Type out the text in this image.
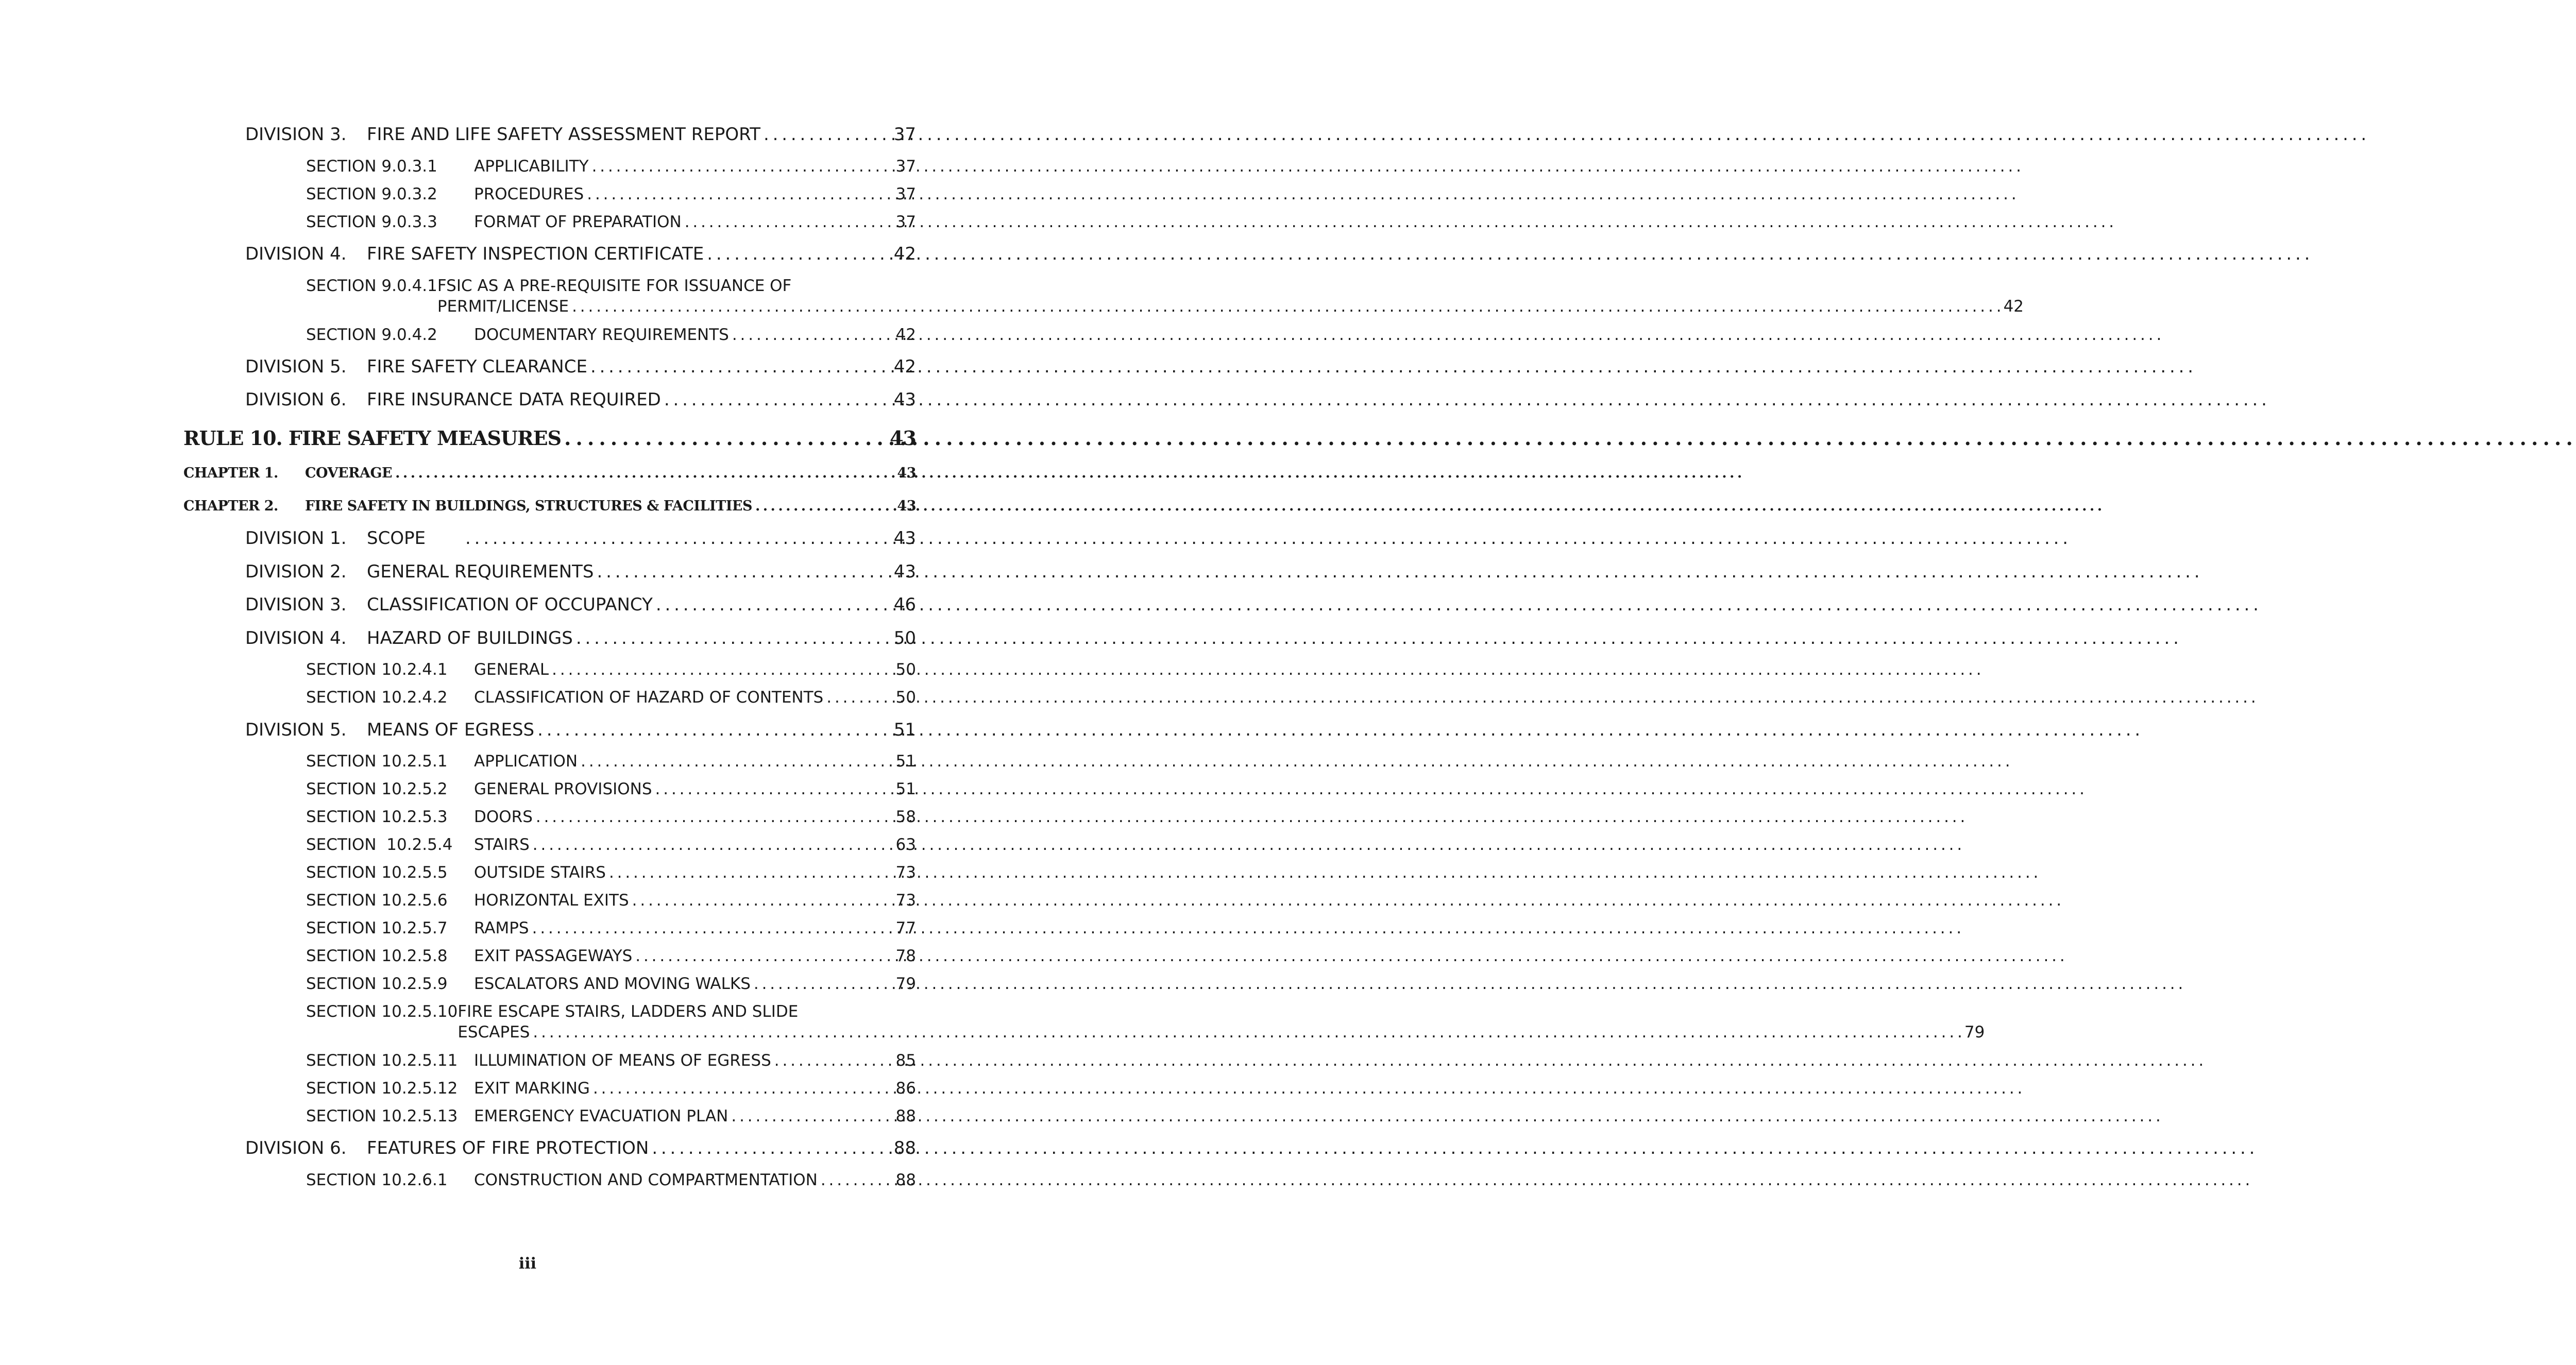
DIVISION 3.	FIRE AND LIFE SAFETY ASSESSMENT REPORT . . .	37
SECTION 9.0.3.1	APPLICABILITY . . .	37
SECTION 9.0.3.2	PROCEDURES . . .	37
SECTION 9.0.3.3	FORMAT OF PREPARATION . . .	37
DIVISION 4.	FIRE SAFETY INSPECTION CERTIFICATE . . .	42
SECTION 9.0.4.1 FSIC AS A PRE-REQUISITE FOR ISSUANCE OF
PERMIT/LICENSE . . .	42
SECTION 9.0.4.2	DOCUMENTARY REQUIREMENTS . . .	42
DIVISION 5.	FIRE SAFETY CLEARANCE . . .	42
DIVISION 6.	FIRE INSURANCE DATA REQUIRED . . .	43
RULE 10. FIRE SAFETY MEASURES . . .	43
CHAPTER 1.	COVERAGE . . .	43
CHAPTER 2.	FIRE SAFETY IN BUILDINGS, STRUCTURES & FACILITIES . . .	43
DIVISION 1.	SCOPE . . .	43
DIVISION 2.	GENERAL REQUIREMENTS . . .	43
DIVISION 3.	CLASSIFICATION OF OCCUPANCY . . .	46
DIVISION 4.	HAZARD OF BUILDINGS . . .	50
SECTION 10.2.4.1	GENERAL . . .	50
SECTION 10.2.4.2	CLASSIFICATION OF HAZARD OF CONTENTS . . .	50
DIVISION 5.	MEANS OF EGRESS . . .	51
SECTION 10.2.5.1	APPLICATION . . .	51
SECTION 10.2.5.2	GENERAL PROVISIONS . . .	51
SECTION 10.2.5.3	DOORS . . .	58
SECTION  10.2.5.4	STAIRS . . .	63
SECTION 10.2.5.5	OUTSIDE STAIRS . . .	73
SECTION 10.2.5.6	HORIZONTAL EXITS . . .	73
SECTION 10.2.5.7	RAMPS . . .	77
SECTION 10.2.5.8	EXIT PASSAGEWAYS . . .	78
SECTION 10.2.5.9	ESCALATORS AND MOVING WALKS . . .	79
SECTION 10.2.5.10 FIRE ESCAPE STAIRS, LADDERS AND SLIDE
ESCAPES . . .	79
SECTION 10.2.5.11	ILLUMINATION OF MEANS OF EGRESS . . .	85
SECTION 10.2.5.12	EXIT MARKING . . .	86
SECTION 10.2.5.13	EMERGENCY EVACUATION PLAN . . .	88
DIVISION 6.	FEATURES OF FIRE PROTECTION . . .	88
SECTION 10.2.6.1	CONSTRUCTION AND COMPARTMENTATION . . .	88
iii
